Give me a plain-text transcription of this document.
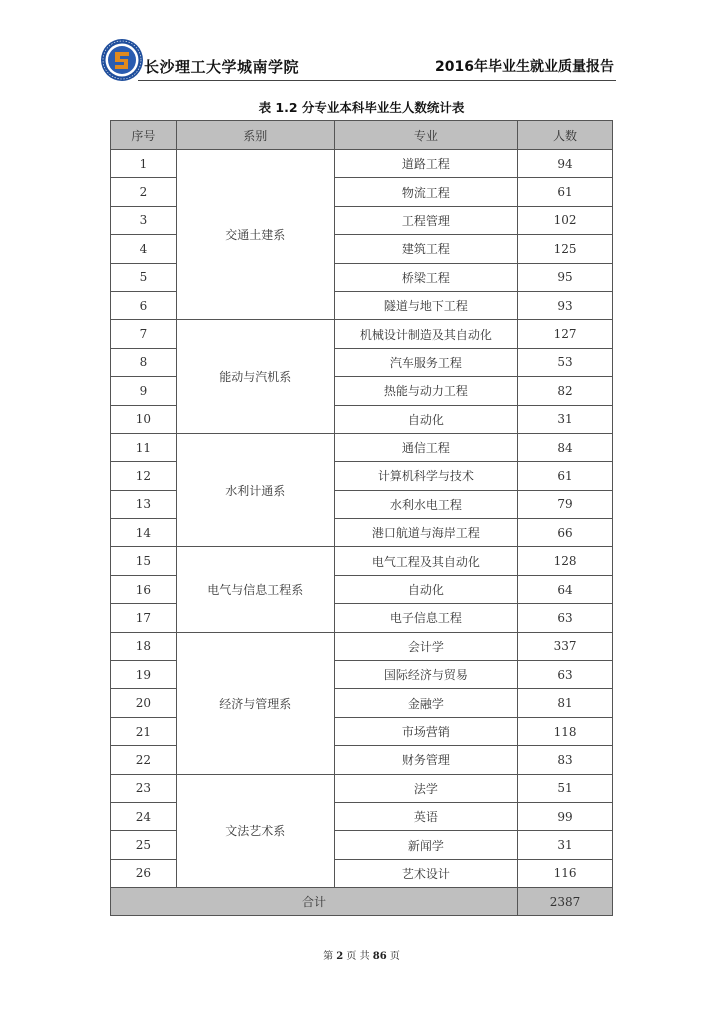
长沙理工大学城南学院	2016年毕业生就业质量报告
表 1.2 分专业本科毕业生人数统计表
序号	系别	专业	人数
1	交通土建系	道路工程	94
2		物流工程	61
3		工程管理	102
4		建筑工程	125
5		桥梁工程	95
6		隧道与地下工程	93
7	能动与汽机系	机械设计制造及其自动化	127
8		汽车服务工程	53
9		热能与动力工程	82
10		自动化	31
11	水利计通系	通信工程	84
12		计算机科学与技术	61
13		水利水电工程	79
14		港口航道与海岸工程	66
15	电气与信息工程系	电气工程及其自动化	128
16		自动化	64
17		电子信息工程	63
18	经济与管理系	会计学	337
19		国际经济与贸易	63
20		金融学	81
21		市场营销	118
22		财务管理	83
23	文法艺术系	法学	51
24		英语	99
25		新闻学	31
26		艺术设计	116
合计			2387
第 2 页 共 86 页
